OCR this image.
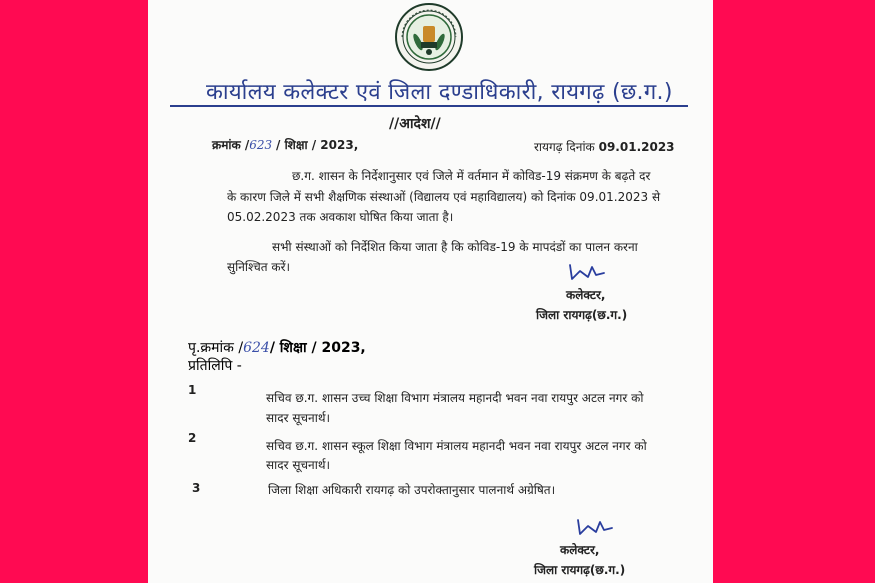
कार्यालय कलेक्टर एवं जिला दण्डाधिकारी, रायगढ़ (छ.ग.)
//आदेश//
क्रमांक /623 / शिक्षा / 2023,	रायगढ़ दिनांक 09.01.2023
छ.ग. शासन के निर्देशानुसार एवं जिले में वर्तमान में कोविड-19 संक्रमण के बढ़ते दर
के कारण जिले में सभी शैक्षणिक संस्थाओं (विद्यालय एवं महाविद्यालय) को दिनांक 09.01.2023 से
05.02.2023 तक अवकाश घोषित किया जाता है।
सभी संस्थाओं को निर्देशित किया जाता है कि कोविड-19 के मापदंडों का पालन करना
सुनिश्चित करें।
कलेक्टर,
जिला रायगढ़(छ.ग.)
पृ.क्रमांक /624/ शिक्षा / 2023,
प्रतिलिपि -
1
सचिव छ.ग. शासन उच्च शिक्षा विभाग मंत्रालय महानदी भवन नवा रायपुर अटल नगर को
सादर सूचनार्थ।
2
सचिव छ.ग. शासन स्कूल शिक्षा विभाग मंत्रालय महानदी भवन नवा रायपुर अटल नगर को
सादर सूचनार्थ।
3	जिला शिक्षा अधिकारी रायगढ़ को उपरोक्तानुसार पालनार्थ अग्रेषित।
कलेक्टर,
जिला रायगढ़(छ.ग.)
